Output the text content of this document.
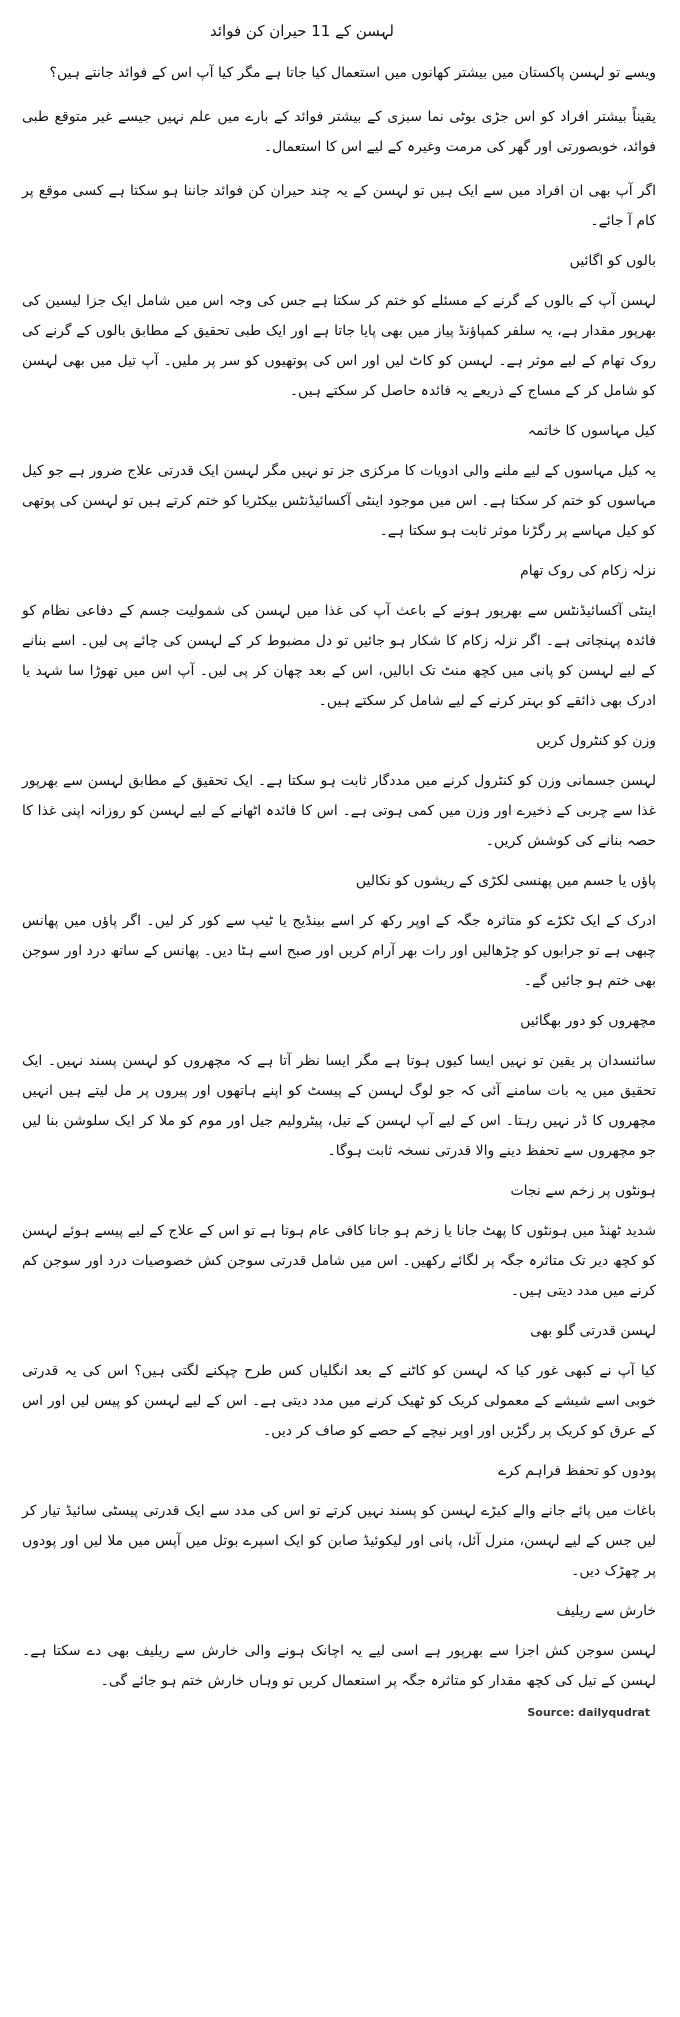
لہسن کے 11 حیران کن فوائد

ویسے تو لہسن پاکستان میں بیشتر کھانوں میں استعمال کیا جاتا ہے مگر کیا آپ اس کے فوائد جانتے ہیں؟

یقیناً بیشتر افراد کو اس جڑی بوٹی نما سبزی کے بیشتر فوائد کے بارے میں علم نہیں جیسے غیر متوقع طبی فوائد، خوبصورتی اور گھر کی مرمت وغیرہ کے لیے اس کا استعمال۔

اگر آپ بھی ان افراد میں سے ایک ہیں تو لہسن کے یہ چند حیران کن فوائد جاننا ہو سکتا ہے کسی موقع پر کام آ جائے۔

بالوں کو اگائیں

لہسن آپ کے بالوں کے گرنے کے مسئلے کو ختم کر سکتا ہے جس کی وجہ اس میں شامل ایک جزا لیسین کی بھرپور مقدار ہے، یہ سلفر کمپاؤنڈ پیاز میں بھی پایا جاتا ہے اور ایک طبی تحقیق کے مطابق بالوں کے گرنے کی روک تھام کے لیے موثر ہے۔ لہسن کو کاٹ لیں اور اس کی پوتھیوں کو سر پر ملیں۔ آپ تیل میں بھی لہسن کو شامل کر کے مساج کے ذریعے یہ فائدہ حاصل کر سکتے ہیں۔

کیل مہاسوں کا خاتمہ

یہ کیل مہاسوں کے لیے ملنے والی ادویات کا مرکزی جز تو نہیں مگر لہسن ایک قدرتی علاج ضرور ہے جو کیل مہاسوں کو ختم کر سکتا ہے۔ اس میں موجود اینٹی آکسائیڈنٹس بیکٹریا کو ختم کرتے ہیں تو لہسن کی پوتھی کو کیل مہاسے پر رگڑنا موثر ثابت ہو سکتا ہے۔

نزلہ زکام کی روک تھام

اینٹی آکسائیڈنٹس سے بھرپور ہونے کے باعث آپ کی غذا میں لہسن کی شمولیت جسم کے دفاعی نظام کو فائدہ پہنچاتی ہے۔ اگر نزلہ زکام کا شکار ہو جائیں تو دل مضبوط کر کے لہسن کی چائے پی لیں۔ اسے بنانے کے لیے لہسن کو پانی میں کچھ منٹ تک ابالیں، اس کے بعد چھان کر پی لیں۔ آپ اس میں تھوڑا سا شہد یا ادرک بھی ذائقے کو بہتر کرنے کے لیے شامل کر سکتے ہیں۔

وزن کو کنٹرول کریں

لہسن جسمانی وزن کو کنٹرول کرنے میں مددگار ثابت ہو سکتا ہے۔ ایک تحقیق کے مطابق لہسن سے بھرپور غذا سے چربی کے ذخیرے اور وزن میں کمی ہوتی ہے۔ اس کا فائدہ اٹھانے کے لیے لہسن کو روزانہ اپنی غذا کا حصہ بنانے کی کوشش کریں۔

پاؤں یا جسم میں پھنسی لکڑی کے ریشوں کو نکالیں

ادرک کے ایک ٹکڑے کو متاثرہ جگہ کے اوپر رکھ کر اسے بینڈیج یا ٹیپ سے کور کر لیں۔ اگر پاؤں میں پھانس چبھی ہے تو جرابوں کو چڑھالیں اور رات بھر آرام کریں اور صبح اسے ہٹا دیں۔ پھانس کے ساتھ درد اور سوجن بھی ختم ہو جائیں گے۔

مچھروں کو دور بھگائیں

سائنسدان پر یقین تو نہیں ایسا کیوں ہوتا ہے مگر ایسا نظر آتا ہے کہ مچھروں کو لہسن پسند نہیں۔ ایک تحقیق میں یہ بات سامنے آئی کہ جو لوگ لہسن کے پیسٹ کو اپنے ہاتھوں اور پیروں پر مل لیتے ہیں انہیں مچھروں کا ڈر نہیں رہتا۔ اس کے لیے آپ لہسن کے تیل، پیٹرولیم جیل اور موم کو ملا کر ایک سلوشن بنا لیں جو مچھروں سے تحفظ دینے والا قدرتی نسخہ ثابت ہوگا۔

ہونٹوں پر زخم سے نجات

شدید ٹھنڈ میں ہونٹوں کا پھٹ جانا یا زخم ہو جانا کافی عام ہوتا ہے تو اس کے علاج کے لیے پیسے ہوئے لہسن کو کچھ دیر تک متاثرہ جگہ پر لگائے رکھیں۔ اس میں شامل قدرتی سوجن کش خصوصیات درد اور سوجن کم کرنے میں مدد دیتی ہیں۔

لہسن قدرتی گلو بھی

کیا آپ نے کبھی غور کیا کہ لہسن کو کاٹنے کے بعد انگلیاں کس طرح چپکنے لگتی ہیں؟ اس کی یہ قدرتی خوبی اسے شیشے کے معمولی کریک کو ٹھیک کرنے میں مدد دیتی ہے۔ اس کے لیے لہسن کو پیس لیں اور اس کے عرق کو کریک پر رگڑیں اور اوپر نیچے کے حصے کو صاف کر دیں۔

پودوں کو تحفظ فراہم کرے

باغات میں پائے جانے والے کیڑے لہسن کو پسند نہیں کرتے تو اس کی مدد سے ایک قدرتی پیسٹی سائیڈ تیار کر لیں جس کے لیے لہسن، منرل آئل، پانی اور لیکوئیڈ صابن کو ایک اسپرے بوتل میں آپس میں ملا لیں اور پودوں پر چھڑک دیں۔

خارش سے ریلیف

لہسن سوجن کش اجزا سے بھرپور ہے اسی لیے یہ اچانک ہونے والی خارش سے ریلیف بھی دے سکتا ہے۔ لہسن کے تیل کی کچھ مقدار کو متاثرہ جگہ پر استعمال کریں تو وہاں خارش ختم ہو جائے گی۔

Source: dailyqudrat
